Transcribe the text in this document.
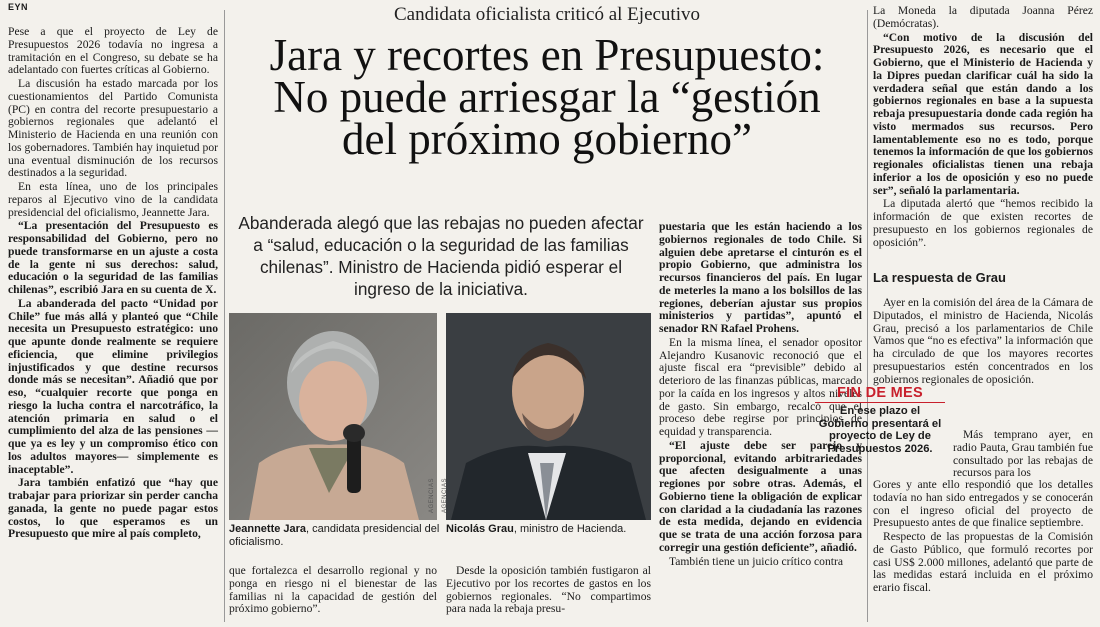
EYN	Candidata oficialista criticó al Ejecutivo
Jara y recortes en Presupuesto:
No puede arriesgar la “gestión
del próximo gobierno”

Pese a que el proyecto de Ley de Presupuestos 2026 todavía no ingresa a tramitación en el Congreso, su debate se ha adelantado con fuertes críticas al Gobierno.

La discusión ha estado marcada por los cuestionamientos del Partido Comunista (PC) en contra del recorte presupuestario a gobiernos regionales que adelantó el Ministerio de Hacienda en una reunión con los gobernadores. También hay inquietud por una eventual disminución de los recursos destinados a la seguridad.

En esta línea, uno de los principales reparos al Ejecutivo vino de la candidata presidencial del oficialismo, Jeannette Jara.

“La presentación del Presupuesto es responsabilidad del Gobierno, pero no puede transformarse en un ajuste a costa de la gente ni sus derechos: salud, educación o la seguridad de las familias chilenas”, escribió Jara en su cuenta de X.

La abanderada del pacto “Unidad por Chile” fue más allá y planteó que “Chile necesita un Presupuesto estratégico: uno que apunte donde realmente se requiere eficiencia, que elimine privilegios injustificados y que destine recursos donde más se necesitan”. Añadió que por eso, “cualquier recorte que ponga en riesgo la lucha contra el narcotráfico, la atención primaria en salud o el cumplimiento del alza de las pensiones —que ya es ley y un compromiso ético con los adultos mayores— simplemente es inaceptable”.

Jara también enfatizó que “hay que trabajar para priorizar sin perder cancha ganada, la gente no puede pagar estos costos, lo que esperamos es un Presupuesto que mire al país completo,

Abanderada alegó que las rebajas no pueden afectar a “salud, educación o la seguridad de las familias chilenas”. Ministro de Hacienda pidió esperar el ingreso de la iniciativa.
AGENCIAS
Jeannette Jara, candidata presidencial del oficialismo.
AGENCIAS
Nicolás Grau, ministro de Hacienda.

que fortalezca el desarrollo regional y no ponga en riesgo ni el bienestar de las familias ni la capacidad de gestión del próximo gobierno”.

Desde la oposición también fustigaron al Ejecutivo por los recortes de gastos en los gobiernos regionales. “No compartimos para nada la rebaja presu-

puestaria que les están haciendo a los gobiernos regionales de todo Chile. Si alguien debe apretarse el cinturón es el propio Gobierno, que administra los recursos financieros del país. En lugar de meterles la mano a los bolsillos de las regiones, deberían ajustar sus propios ministerios y partidas”, apuntó el senador RN Rafael Prohens.

En la misma línea, el senador opositor Alejandro Kusanovic reconoció que el ajuste fiscal era “previsible” debido al deterioro de las finanzas públicas, marcado por la caída en los ingresos y altos niveles de gasto. Sin embargo, recalcó que el proceso debe regirse por principios de equidad y transparencia.

“El ajuste debe ser parejo y proporcional, evitando arbitrariedades que afecten desigualmente a unas regiones por sobre otras. Además, el Gobierno tiene la obligación de explicar con claridad a la ciudadanía las razones de esta medida, dejando en evidencia que se trata de una acción forzosa para corregir una gestión deficiente”, añadió.

También tiene un juicio crítico contra

La Moneda la diputada Joanna Pérez (Demócratas).

“Con motivo de la discusión del Presupuesto 2026, es necesario que el Gobierno, que el Ministerio de Hacienda y la Dipres puedan clarificar cuál ha sido la verdadera señal que están dando a los gobiernos regionales en base a la supuesta rebaja presupuestaria donde cada región ha visto mermados sus recursos. Pero lamentablemente eso no es todo, porque tenemos la información de que los gobiernos regionales oficialistas tienen una rebaja inferior a los de oposición y eso no puede ser”, señaló la parlamentaria.

La diputada alertó que “hemos recibido la información de que existen recortes de presupuesto en los gobiernos regionales de oposición”.

La respuesta de Grau

Ayer en la comisión del área de la Cámara de Diputados, el ministro de Hacienda, Nicolás Grau, precisó a los parlamentarios de Chile Vamos que “no es efectiva” la información que ha circulado de que los mayores recortes presupuestarios estén concentrados en los gobiernos regionales de oposición.

Más temprano ayer, en radio Pauta, Grau también fue consultado por las rebajas de recursos para los

Gores y ante ello respondió que los detalles todavía no han sido entregados y se conocerán con el ingreso oficial del proyecto de Presupuesto antes de que finalice septiembre.

Respecto de las propuestas de la Comisión de Gasto Público, que formuló recortes por casi US$ 2.000 millones, adelantó que parte de las medidas estará incluida en el próximo erario fiscal.

FIN DE MES
En ese plazo el Gobierno presentará el proyecto de Ley de Presupuestos 2026.
